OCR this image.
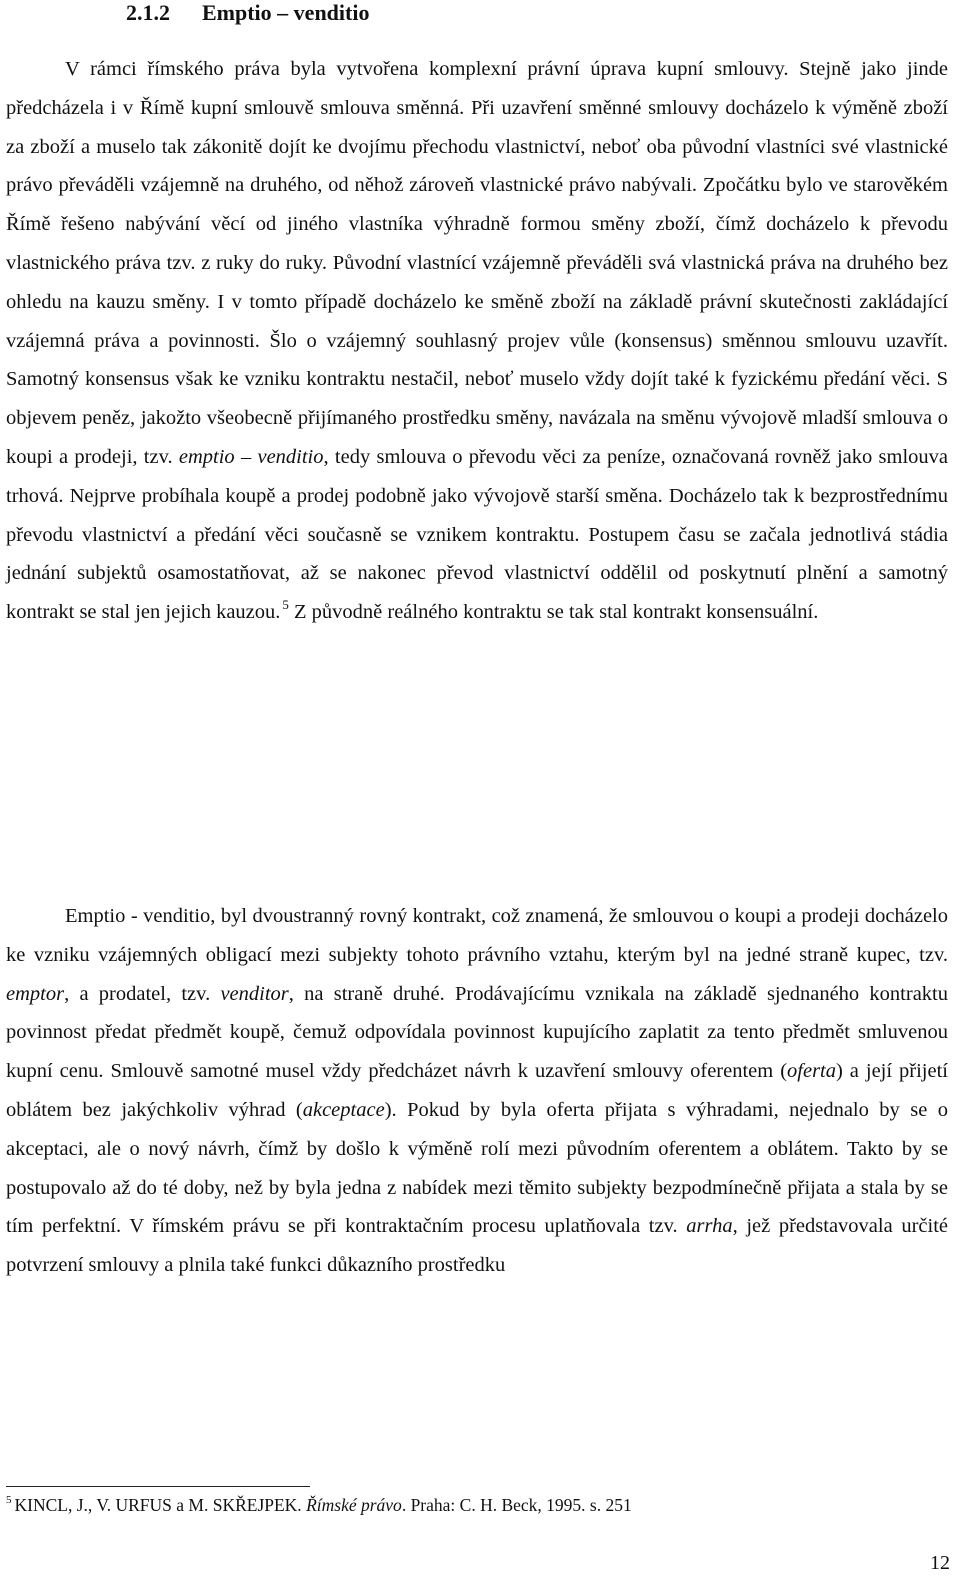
2.1.2 Emptio – venditio

V rámci římského práva byla vytvořena komplexní právní úprava kupní smlouvy. Stejně jako jinde předcházela i v Římě kupní smlouvě smlouva směnná. Při uzavření směnné smlouvy docházelo k výměně zboží za zboží a muselo tak zákonitě dojít ke dvojímu přechodu vlastnictví, neboť oba původní vlastníci své vlastnické právo převáděli vzájemně na druhého, od něhož zároveň vlastnické právo nabývali. Zpočátku bylo ve starověkém Římě řešeno nabývání věcí od jiného vlastníka výhradně formou směny zboží, čímž docházelo k převodu vlastnického práva tzv. z ruky do ruky. Původní vlastnící vzájemně převáděli svá vlastnická práva na druhého bez ohledu na kauzu směny. I v tomto případě docházelo ke směně zboží na základě právní skutečnosti zakládající vzájemná práva a povinnosti. Šlo o vzájemný souhlasný projev vůle (konsensus) směnnou smlouvu uzavřít. Samotný konsensus však ke vzniku kontraktu nestačil, neboť muselo vždy dojít také k fyzickému předání věci. S objevem peněz, jakožto všeobecně přijímaného prostředku směny, navázala na směnu vývojově mladší smlouva o koupi a prodeji, tzv. emptio – venditio, tedy smlouva o převodu věci za peníze, označovaná rovněž jako smlouva trhová. Nejprve probíhala koupě a prodej podobně jako vývojově starší směna. Docházelo tak k bezprostřednímu převodu vlastnictví a předání věci současně se vznikem kontraktu. Postupem času se začala jednotlivá stádia jednání subjektů osamostatňovat, až se nakonec převod vlastnictví oddělil od poskytnutí plnění a samotný kontrakt se stal jen jejich kauzou. $^5$ Z původně reálného kontraktu se tak stal kontrakt konsensuální.

Emptio - venditio, byl dvoustranný rovný kontrakt, což znamená, že smlouvou o koupi a prodeji docházelo ke vzniku vzájemných obligací mezi subjekty tohoto právního vztahu, kterým byl na jedné straně kupec, tzv. emptor, a prodatel, tzv. venditor, na straně druhé. Prodávajícímu vznikala na základě sjednaného kontraktu povinnost předat předmět koupě, čemuž odpovídala povinnost kupujícího zaplatit za tento předmět smluvenou kupní cenu. Smlouvě samotné musel vždy předcházet návrh k uzavření smlouvy oferentem (oferta) a její přijetí oblátem bez jakýchkoliv výhrad (akceptace). Pokud by byla oferta přijata s výhradami, nejednalo by se o akceptaci, ale o nový návrh, čímž by došlo k výměně rolí mezi původním oferentem a oblátem. Takto by se postupovalo až do té doby, než by byla jedna z nabídek mezi těmito subjekty bezpodmínečně přijata a stala by se tím perfektní. V římském právu se při kontraktačním procesu uplatňovala tzv. arrha, jež představovala určité potvrzení smlouvy a plnila také funkci důkazního prostředku

$^5$ KINCL, J., V. URFUS a M. SKŘEJPEK. Římské právo. Praha: C. H. Beck, 1995. s. 251
12
